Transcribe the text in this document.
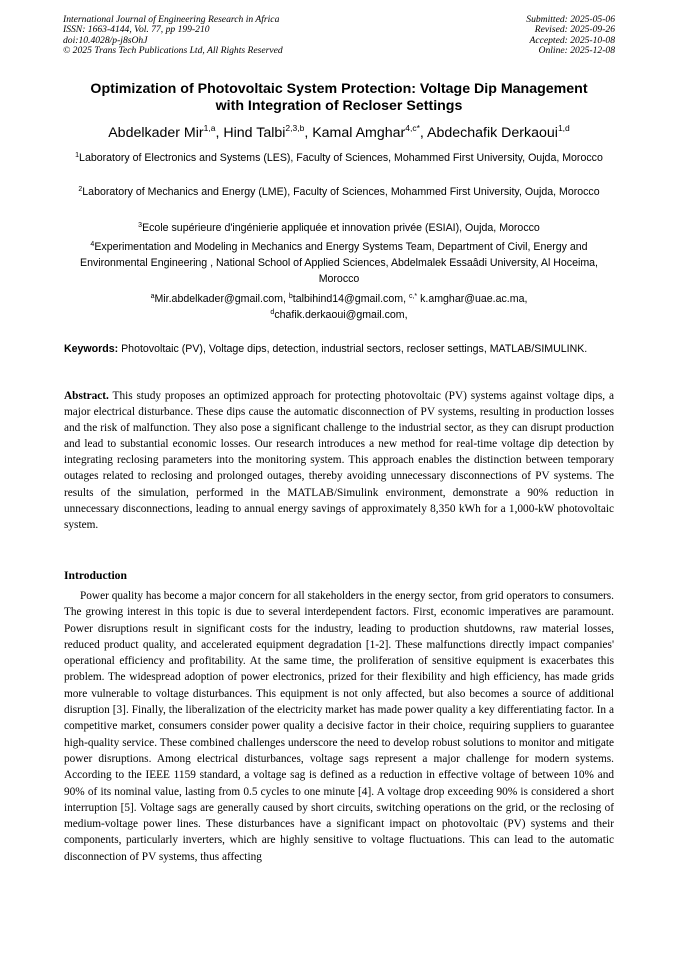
International Journal of Engineering Research in Africa
ISSN: 1663-4144, Vol. 77, pp 199-210
doi:10.4028/p-j8sOhJ
© 2025 Trans Tech Publications Ltd, All Rights Reserved
Submitted: 2025-05-06
Revised: 2025-09-26
Accepted: 2025-10-08
Online: 2025-12-08
Optimization of Photovoltaic System Protection: Voltage Dip Management with Integration of Recloser Settings
Abdelkader Mir$^{1,a}$, Hind Talbi$^{2,3,b}$, Kamal Amghar$^{4,c*}$, Abdechafik Derkaoui$^{1,d}$
$^1$Laboratory of Electronics and Systems (LES), Faculty of Sciences, Mohammed First University, Oujda, Morocco
$^2$Laboratory of Mechanics and Energy (LME), Faculty of Sciences, Mohammed First University, Oujda, Morocco
$^3$Ecole supérieure d'ingénierie appliquée et innovation privée (ESIAI), Oujda, Morocco
$^4$Experimentation and Modeling in Mechanics and Energy Systems Team, Department of Civil, Energy and Environmental Engineering , National School of Applied Sciences, Abdelmalek Essaâdi University, Al Hoceima, Morocco
$^a$Mir.abdelkader@gmail.com, $^b$talbihind14@gmail.com, $^{c,*}$ k.amghar@uae.ac.ma,
$^d$chafik.derkaoui@gmail.com,
Keywords: Photovoltaic (PV), Voltage dips, detection, industrial sectors, recloser settings, MATLAB/SIMULINK.
Abstract. This study proposes an optimized approach for protecting photovoltaic (PV) systems against voltage dips, a major electrical disturbance. These dips cause the automatic disconnection of PV systems, resulting in production losses and the risk of malfunction. They also pose a significant challenge to the industrial sector, as they can disrupt production and lead to substantial economic losses. Our research introduces a new method for real-time voltage dip detection by integrating reclosing parameters into the monitoring system. This approach enables the distinction between temporary outages related to reclosing and prolonged outages, thereby avoiding unnecessary disconnections of PV systems. The results of the simulation, performed in the MATLAB/Simulink environment, demonstrate a 90% reduction in unnecessary disconnections, leading to annual energy savings of approximately 8,350 kWh for a 1,000-kW photovoltaic system.
Introduction
Power quality has become a major concern for all stakeholders in the energy sector, from grid operators to consumers. The growing interest in this topic is due to several interdependent factors. First, economic imperatives are paramount. Power disruptions result in significant costs for the industry, leading to production shutdowns, raw material losses, reduced product quality, and accelerated equipment degradation [1-2]. These malfunctions directly impact companies' operational efficiency and profitability. At the same time, the proliferation of sensitive equipment is exacerbates this problem. The widespread adoption of power electronics, prized for their flexibility and high efficiency, has made grids more vulnerable to voltage disturbances. This equipment is not only affected, but also becomes a source of additional disruption [3]. Finally, the liberalization of the electricity market has made power quality a key differentiating factor. In a competitive market, consumers consider power quality a decisive factor in their choice, requiring suppliers to guarantee high-quality service. These combined challenges underscore the need to develop robust solutions to monitor and mitigate power disruptions. Among electrical disturbances, voltage sags represent a major challenge for modern systems. According to the IEEE 1159 standard, a voltage sag is defined as a reduction in effective voltage of between 10% and 90% of its nominal value, lasting from 0.5 cycles to one minute [4]. A voltage drop exceeding 90% is considered a short interruption [5]. Voltage sags are generally caused by short circuits, switching operations on the grid, or the reclosing of medium-voltage power lines. These disturbances have a significant impact on photovoltaic (PV) systems and their components, particularly inverters, which are highly sensitive to voltage fluctuations. This can lead to the automatic disconnection of PV systems, thus affecting
